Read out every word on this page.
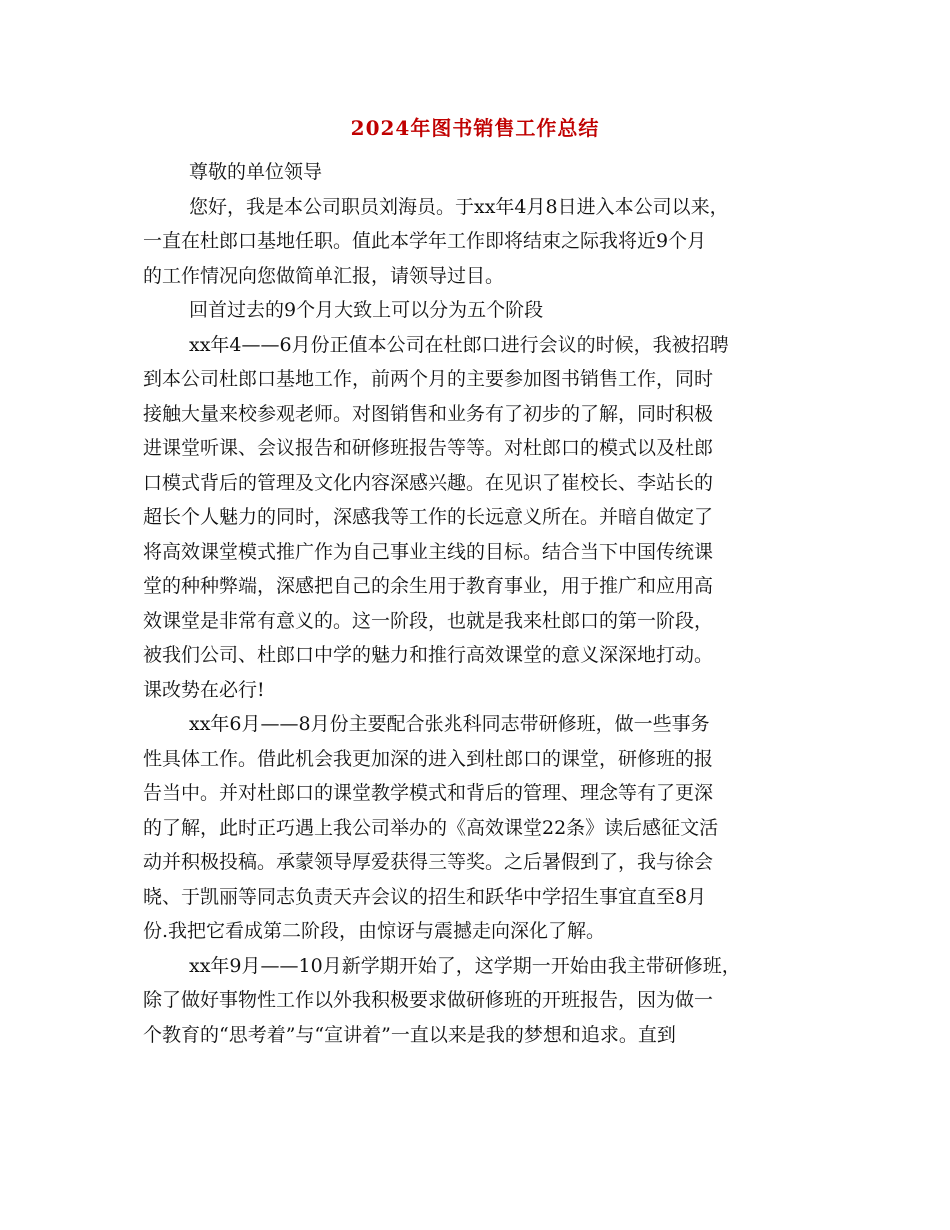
2024年图书销售工作总结
尊敬的单位领导
您好，我是本公司职员刘海员。于xx年4月8日进入本公司以来，
一直在杜郎口基地任职。值此本学年工作即将结束之际我将近9个月
的工作情况向您做简单汇报，请领导过目。
回首过去的9个月大致上可以分为五个阶段
xx年4——6月份正值本公司在杜郎口进行会议的时候，我被招聘
到本公司杜郎口基地工作，前两个月的主要参加图书销售工作，同时
接触大量来校参观老师。对图销售和业务有了初步的了解，同时积极
进课堂听课、会议报告和研修班报告等等。对杜郎口的模式以及杜郎
口模式背后的管理及文化内容深感兴趣。在见识了崔校长、李站长的
超长个人魅力的同时，深感我等工作的长远意义所在。并暗自做定了
将高效课堂模式推广作为自己事业主线的目标。结合当下中国传统课
堂的种种弊端，深感把自己的余生用于教育事业，用于推广和应用高
效课堂是非常有意义的。这一阶段，也就是我来杜郎口的第一阶段，
被我们公司、杜郎口中学的魅力和推行高效课堂的意义深深地打动。
课改势在必行!
xx年6月——8月份主要配合张兆科同志带研修班，做一些事务
性具体工作。借此机会我更加深的进入到杜郎口的课堂，研修班的报
告当中。并对杜郎口的课堂教学模式和背后的管理、理念等有了更深
的了解，此时正巧遇上我公司举办的《高效课堂22条》读后感征文活
动并积极投稿。承蒙领导厚爱获得三等奖。之后暑假到了，我与徐会
晓、于凯丽等同志负责天卉会议的招生和跃华中学招生事宜直至8月
份.我把它看成第二阶段，由惊讶与震撼走向深化了解。
xx年9月——10月新学期开始了，这学期一开始由我主带研修班，
除了做好事物性工作以外我积极要求做研修班的开班报告，因为做一
个教育的“思考着”与“宣讲着”一直以来是我的梦想和追求。直到
